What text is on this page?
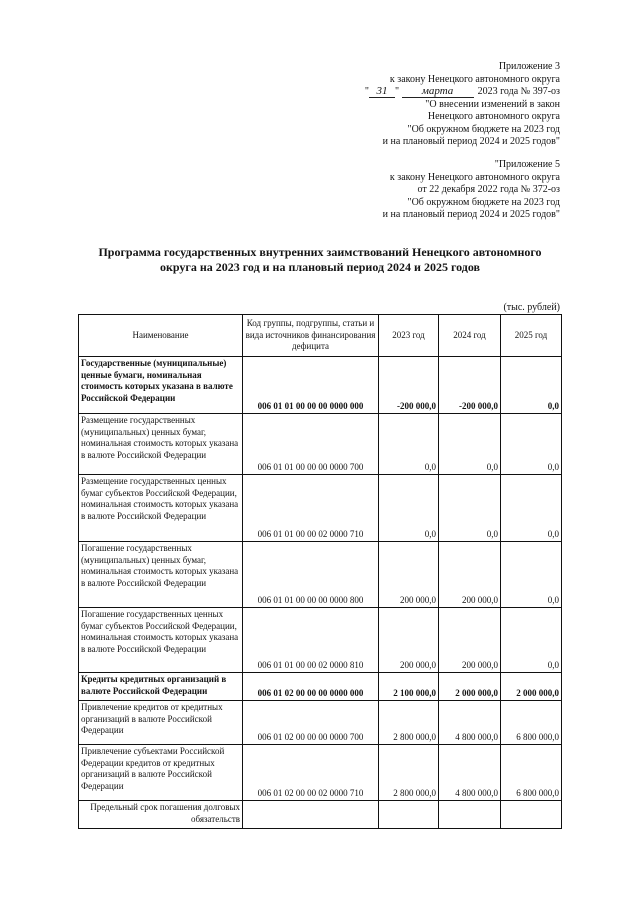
Приложение 3
к закону Ненецкого автономного округа
" 31 " марта 2023 года № 397-оз
"О внесении изменений в закон
Ненецкого автономного округа
"Об окружном бюджете на 2023 год
и на плановый период 2024 и 2025 годов"
"Приложение 5
к закону Ненецкого автономного округа
от 22 декабря 2022 года № 372-оз
"Об окружном бюджете на 2023 год
и на плановый период 2024 и 2025 годов"
Программа государственных внутренних заимствований Ненецкого автономного округа на 2023 год и на плановый период 2024 и 2025 годов
(тыс. рублей)
Наименование	Код группы, подгруппы, статьи и вида источников финансирования дефицита	2023 год	2024 год	2025 год
Государственные (муниципальные) ценные бумаги, номинальная стоимость которых указана в валюте Российской Федерации	006 01 01 00 00 00 0000 000	-200 000,0	-200 000,0	0,0
Размещение государственных (муниципальных) ценных бумаг, номинальная стоимость которых указана в валюте Российской Федерации	006 01 01 00 00 00 0000 700	0,0	0,0	0,0
Размещение государственных ценных бумаг субъектов Российской Федерации, номинальная стоимость которых указана в валюте Российской Федерации	006 01 01 00 00 02 0000 710	0,0	0,0	0,0
Погашение государственных (муниципальных) ценных бумаг, номинальная стоимость которых указана в валюте Российской Федерации	006 01 01 00 00 00 0000 800	200 000,0	200 000,0	0,0
Погашение государственных ценных бумаг субъектов Российской Федерации, номинальная стоимость которых указана в валюте Российской Федерации	006 01 01 00 00 02 0000 810	200 000,0	200 000,0	0,0
Кредиты кредитных организаций в валюте Российской Федерации	006 01 02 00 00 00 0000 000	2 100 000,0	2 000 000,0	2 000 000,0
Привлечение кредитов от кредитных организаций в валюте Российской Федерации	006 01 02 00 00 00 0000 700	2 800 000,0	4 800 000,0	6 800 000,0
Привлечение субъектами Российской Федерации кредитов от кредитных организаций в валюте Российской Федерации	006 01 02 00 00 02 0000 710	2 800 000,0	4 800 000,0	6 800 000,0
Предельный срок погашения долговых обязательств				
